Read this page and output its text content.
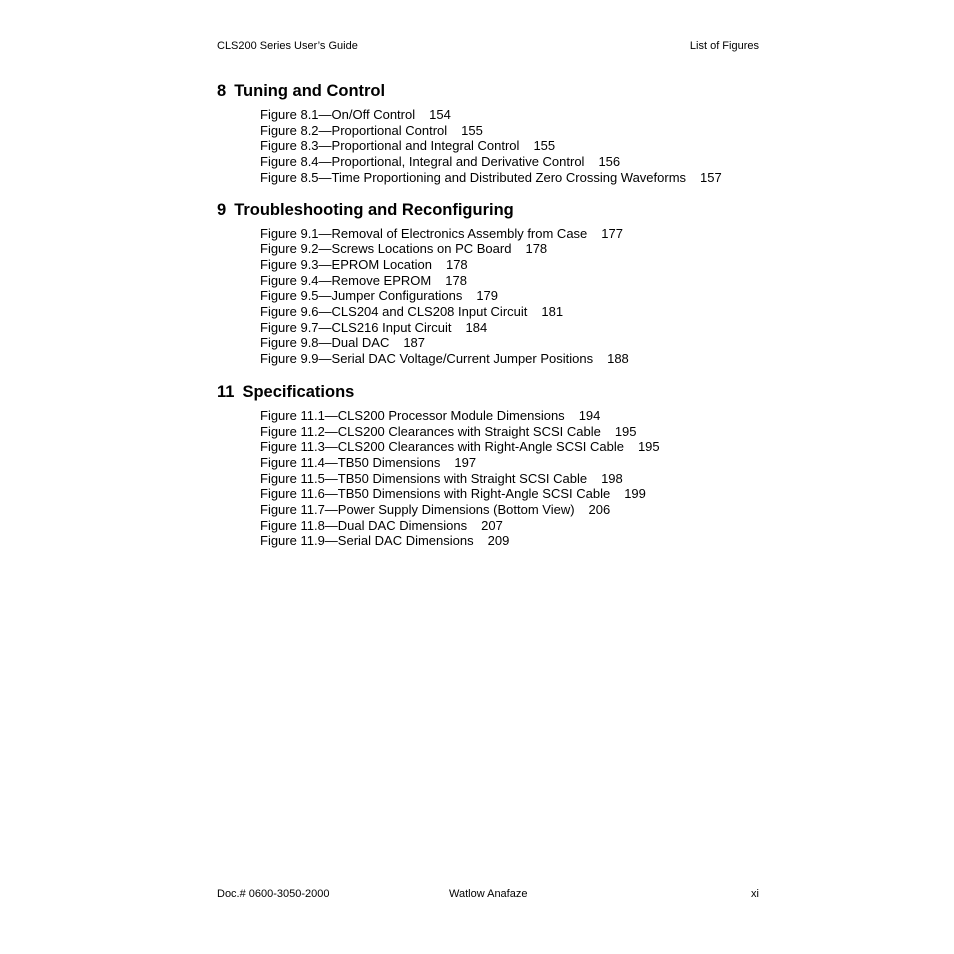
CLS200 Series User’s Guide	List of Figures
8 Tuning and Control
Figure 8.1—On/Off Control 154
Figure 8.2—Proportional Control 155
Figure 8.3—Proportional and Integral Control 155
Figure 8.4—Proportional, Integral and Derivative Control 156
Figure 8.5—Time Proportioning and Distributed Zero Crossing Waveforms 157
9 Troubleshooting and Reconfiguring
Figure 9.1—Removal of Electronics Assembly from Case 177
Figure 9.2—Screws Locations on PC Board 178
Figure 9.3—EPROM Location 178
Figure 9.4—Remove EPROM 178
Figure 9.5—Jumper Configurations 179
Figure 9.6—CLS204 and CLS208 Input Circuit 181
Figure 9.7—CLS216 Input Circuit 184
Figure 9.8—Dual DAC 187
Figure 9.9—Serial DAC Voltage/Current Jumper Positions 188
11 Specifications
Figure 11.1—CLS200 Processor Module Dimensions 194
Figure 11.2—CLS200 Clearances with Straight SCSI Cable 195
Figure 11.3—CLS200 Clearances with Right-Angle SCSI Cable 195
Figure 11.4—TB50 Dimensions 197
Figure 11.5—TB50 Dimensions with Straight SCSI Cable 198
Figure 11.6—TB50 Dimensions with Right-Angle SCSI Cable 199
Figure 11.7—Power Supply Dimensions (Bottom View) 206
Figure 11.8—Dual DAC Dimensions 207
Figure 11.9—Serial DAC Dimensions 209
Doc.# 0600-3050-2000	Watlow Anafaze	xi
